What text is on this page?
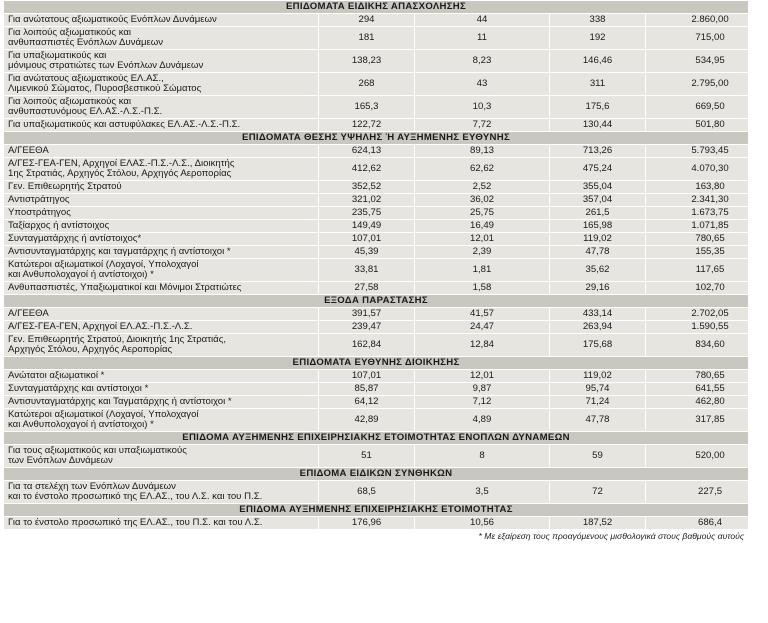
ΕΠΙΔΟΜΑΤΑ ΕΙΔΙΚΗΣ ΑΠΑΣΧΟΛΗΣΗΣ				

Για ανώτατους αξιωματικούς Ενόπλων Δυνάμεων	294	44	338	2.860,00

Για λοιπούς αξιωματικούς και
ανθυπασπιστές Ενόπλων Δυνάμεων	181	11	192	715,00

Για υπαξιωματικούς και
μόνιμους στρατιώτες των Ενόπλων Δυνάμεων	138,23	8,23	146,46	534,95

Για ανώτατους αξιωματικούς ΕΛ.ΑΣ.,
Λιμενικού Σώματος, Πυροσβεστικού Σώματος	268	43	311	2.795,00

Για λοιπούς αξιωματικούς και
ανθυπαστυνόμους ΕΛ.ΑΣ.-Λ.Σ.-Π.Σ.	165,3	10,3	175,6	669,50

Για υπαξιωματικούς και αστυφύλακες ΕΛ.ΑΣ.-Λ.Σ.-Π.Σ.	122,72	7,72	130,44	501,80
ΕΠΙΔΟΜΑΤΑ ΘΕΣΗΣ ΥΨΗΛΗΣ Ή ΑΥΞΗΜΕΝΗΣ ΕΥΘΥΝΗΣ				

Α/ΓΕΕΘΑ	624,13	89,13	713,26	5.793,45

Α/ΓΕΣ-ΓΕΑ-ΓΕΝ, Αρχηγοί ΕΛΑΣ.-Π.Σ.-Λ.Σ., Διοικητής
1ης Στρατιάς, Αρχηγός Στόλου, Αρχηγός Αεροπορίας	412,62	62,62	475,24	4.070,30

Γεν. Επιθεωρητής Στρατού	352,52	2,52	355,04	163,80

Αντιστράτηγος	321,02	36,02	357,04	2.341,30

Υποστράτηγος	235,75	25,75	261,5	1.673,75

Ταξίαρχος ή αντίστοιχος	149,49	16,49	165,98	1.071,85

Συνταγματάρχης ή αντίστοιχος*	107,01	12,01	119,02	780,65

Αντισυνταγματάρχης και ταγματάρχης ή αντίστοιχοι *	45,39	2,39	47,78	155,35

Κατώτεροι αξιωματικοί (Λοχαγοί, Υπολοχαγοί
και Ανθυπολοχαγοί ή αντίστοιχοι) *	33,81	1,81	35,62	117,65

Ανθυπασπιστές, Υπαξιωματικοί και Μόνιμοι Στρατιώτες	27,58	1,58	29,16	102,70
ΕΞΟΔΑ ΠΑΡΑΣΤΑΣΗΣ				

Α/ΓΕΕΘΑ	391,57	41,57	433,14	2.702,05

Α/ΓΕΣ-ΓΕΑ-ΓΕΝ, Αρχηγοί ΕΛ.ΑΣ.-Π.Σ.-Λ.Σ.	239,47	24,47	263,94	1.590,55

Γεν. Επιθεωρητής Στρατού, Διοικητής 1ης Στρατιάς,
Αρχηγός Στόλου, Αρχηγός Αεροπορίας	162,84	12,84	175,68	834,60
ΕΠΙΔΟΜΑΤΑ ΕΥΘΥΝΗΣ ΔΙΟΙΚΗΣΗΣ				

Ανώτατοι αξιωματικοί *	107,01	12,01	119,02	780,65

Συνταγματάρχης και αντίστοιχοι *	85,87	9,87	95,74	641,55

Αντισυνταγματάρχης και Ταγματάρχης ή αντίστοιχοι *	64,12	7,12	71,24	462,80

Κατώτεροι αξιωματικοί (Λοχαγοί, Υπολοχαγοί
και Ανθυπολοχαγοί ή αντίστοιχοι) *	42,89	4,89	47,78	317,85
ΕΠΙΔΟΜΑ ΑΥΞΗΜΕΝΗΣ ΕΠΙΧΕΙΡΗΣΙΑΚΗΣ ΕΤΟΙΜΟΤΗΤΑΣ ΕΝΟΠΛΩΝ ΔΥΝΑΜΕΩΝ				

Για τους αξιωματικούς και υπαξιωματικούς
των Ενόπλων Δυνάμεων	51	8	59	520,00
ΕΠΙΔΟΜΑ ΕΙΔΙΚΩΝ ΣΥΝΘΗΚΩΝ				

Για τα στελέχη των Ενόπλων Δυνάμεων
και το ένστολο προσωπικό της ΕΛ.ΑΣ., του Λ.Σ. και του Π.Σ.	68,5	3,5	72	227,5
ΕΠΙΔΟΜΑ ΑΥΞΗΜΕΝΗΣ ΕΠΙΧΕΙΡΗΣΙΑΚΗΣ ΕΤΟΙΜΟΤΗΤΑΣ				

Για το ένστολο προσωπικό της ΕΛ.ΑΣ., του Π.Σ. και του Λ.Σ.	176,96	10,56	187,52	686,4
* Με εξαίρεση τους προαγόμενους μισθολογικά στους βαθμούς αυτούς				
